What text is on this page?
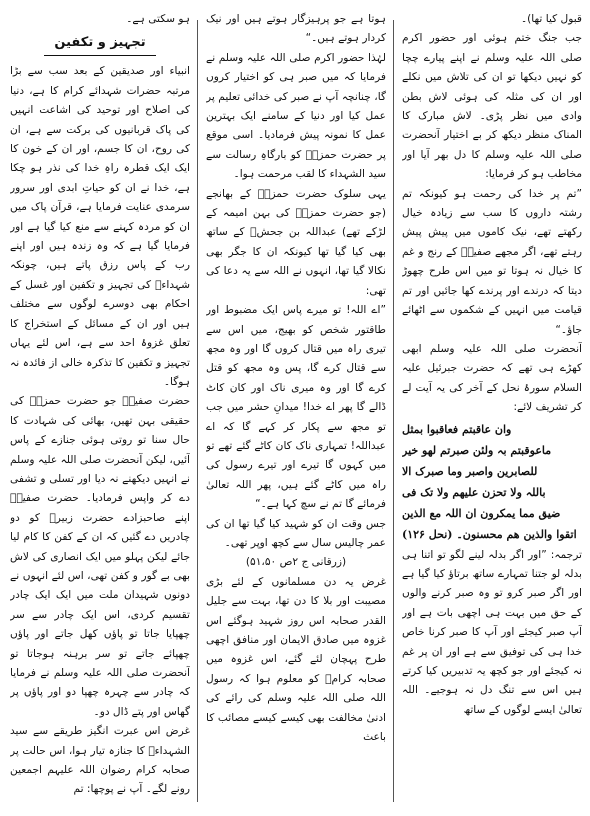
قبول کیا تھا)۔

جب جنگ ختم ہوئی اور حضور اکرم صلی اللہ علیہ وسلم نے اپنے پیارے چچا کو نہیں دیکھا تو ان کی تلاش میں نکلے اور ان کی مثلہ کی ہوئی لاش بطن وادی میں نظر پڑی۔ لاش مبارک کا المناک منظر دیکھ کر بے اختیار آنحضرت صلی اللہ علیہ وسلم کا دل بھر آیا اور مخاطب ہو کر فرمایا:

”تم پر خدا کی رحمت ہو کیونکہ تم رشتہ داروں کا سب سے زیادہ خیال رکھتے تھے، نیک کاموں میں پیش پیش رہتے تھے، اگر مجھے صفیہؓ کے رنج و غم کا خیال نہ ہوتا تو میں اس طرح چھوڑ دیتا کہ درندے اور پرندے کھا جائیں اور تم قیامت میں انہیں کے شکموں سے اٹھائے جاؤ۔“

آنحضرت صلی اللہ علیہ وسلم ابھی کھڑے ہی تھے کہ حضرت جبرئیل علیہ السلام سورۂ نحل کے آخر کی یہ آیت لے کر تشریف لائے:

وان عاقبتم فعاقبوا بمثل

ماعوقبتم بہ ولئن صبرتم لھو خیر

للصابرین واصبر وما صبرک الا

باللہ ولا تحزن علیھم ولا تک فی

ضیق مما یمکرون ان اللہ مع الذین

اتقوا والذین ھم محسنون۔ (نحل ۱۲۶)

ترجمہ: ”اور اگر بدلہ لینے لگو تو اتنا ہی بدلہ لو جتنا تمہارے ساتھ برتاؤ کیا گیا ہے اور اگر صبر کرو تو وہ صبر کرنے والوں کے حق میں بہت ہی اچھی بات ہے اور آپ صبر کیجئے اور آپ کا صبر کرنا خاص خدا ہی کی توفیق سے ہے اور ان پر غم نہ کیجئے اور جو کچھ یہ تدبیریں کیا کرتے ہیں اس سے تنگ دل نہ ہوجیے۔ اللہ تعالیٰ ایسے لوگوں کے ساتھ

ہوتا ہے جو پرہیزگار ہوتے ہیں اور نیک کردار ہوتے ہیں۔“

لہٰذا حضور اکرم صلی اللہ علیہ وسلم نے فرمایا کہ میں صبر ہی کو اختیار کروں گا، چنانچہ آپ نے صبر کی خدائی تعلیم پر عمل کیا اور دنیا کے سامنے ایک بہترین عمل کا نمونہ پیش فرمادیا۔ اسی موقع پر حضرت حمزہؓ کو بارگاہِ رسالت سے سید الشہداء کا لقب مرحمت ہوا۔

یہی سلوک حضرت حمزہؓ کے بھانجے (جو حضرت حمزہؓ کی بہن امیمہ کے لڑکے تھے) عبداللہ بن جحشؓ کے ساتھ بھی کیا گیا تھا کیونکہ ان کا جگر بھی نکالا گیا تھا، انہوں نے اللہ سے یہ دعا کی تھی:

”اے اللہ! تو میرے پاس ایک مضبوط اور طاقتور شخص کو بھیج، میں اس سے تیری راہ میں قتال کروں گا اور وہ مجھ سے قتال کرے گا، پس وہ مجھ کو قتل کرے گا اور وہ میری ناک اور کان کاٹ ڈالے گا پھر اے خدا! میدانِ حشر میں جب تو مجھ سے پکار کر کہے گا کہ اے عبداللہ! تمہاری ناک کان کاٹے گئے تھے تو میں کہوں گا تیرے اور تیرے رسول کی راہ میں کاٹے گئے ہیں، پھر اللہ تعالیٰ فرمائے گا تم نے سچ کہا ہے۔“

جس وقت ان کو شہید کیا گیا تھا ان کی عمر چالیس سال سے کچھ اوپر تھی۔

(زرقانی ج ۲ص ۵۱،۵۰)

غرض یہ دن مسلمانوں کے لئے بڑی مصیبت اور بلا کا دن تھا، بہت سے جلیل القدر صحابہ اس روز شہید ہوگئے اس غزوہ میں صادق الایمان اور منافق اچھی طرح پہچان لئے گئے، اس غزوہ میں صحابہ کرامؓ کو معلوم ہوا کہ رسول اللہ صلی اللہ علیہ وسلم کی رائے کی ادنیٰ مخالفت بھی کیسے کیسے مصائب کا باعث

ہو سکتی ہے۔

تجہیز و تکفین

انبیاء اور صدیقین کے بعد سب سے بڑا مرتبہ حضرات شہدائے کرام کا ہے، دنیا کی اصلاح اور توحید کی اشاعت انہیں کی پاک قربانیوں کی برکت سے ہے، ان کی روح، ان کا جسم، اور ان کے خون کا ایک ایک قطرہ راہِ خدا کی نذر ہو چکا ہے، خدا نے ان کو حیاتِ ابدی اور سرور سرمدی عنایت فرمایا ہے، قرآن پاک میں ان کو مردہ کہنے سے منع کیا گیا ہے اور فرمایا گیا ہے کہ وہ زندہ ہیں اور اپنے رب کے پاس رزق پاتے ہیں، چونکہ شہداءؓ کی تجہیز و تکفین اور غسل کے احکام بھی دوسرے لوگوں سے مختلف ہیں اور ان کے مسائل کے استخراج کا تعلق غزوۂ احد سے ہے، اس لئے یہاں تجہیز و تکفین کا تذکرہ خالی از فائدہ نہ ہوگا۔

حضرت صفیہؓ جو حضرت حمزہؓ کی حقیقی بہن تھیں، بھائی کی شہادت کا حال سنا تو روتی ہوئی جنازے کے پاس آئیں، لیکن آنحضرت صلی اللہ علیہ وسلم نے انہیں دیکھنے نہ دیا اور تسلی و تشفی دے کر واپس فرمادیا۔ حضرت صفیہؓ اپنے صاحبزادے حضرت زبیرؓ کو دو چادریں دے گئیں کہ ان کے کفن کا کام لیا جائے لیکن پہلو میں ایک انصاری کی لاش بھی بے گور و کفن تھی، اس لئے انہوں نے دونوں شہیدان ملت میں ایک ایک چادر تقسیم کردی، اس ایک چادر سے سر چھپایا جاتا تو پاؤں کھل جاتے اور پاؤں چھپائے جاتے تو سر برہنہ ہوجاتا تو آنحضرت صلی اللہ علیہ وسلم نے فرمایا کہ چادر سے چہرہ چھپا دو اور پاؤں پر گھاس اور پتے ڈال دو۔

غرض اس عبرت انگیز طریقے سے سید الشہداءؓ کا جنازہ تیار ہوا، اس حالت پر صحابہ کرام رضوان اللہ علیہم اجمعین رونے لگے۔ آپ نے پوچھا: تم
